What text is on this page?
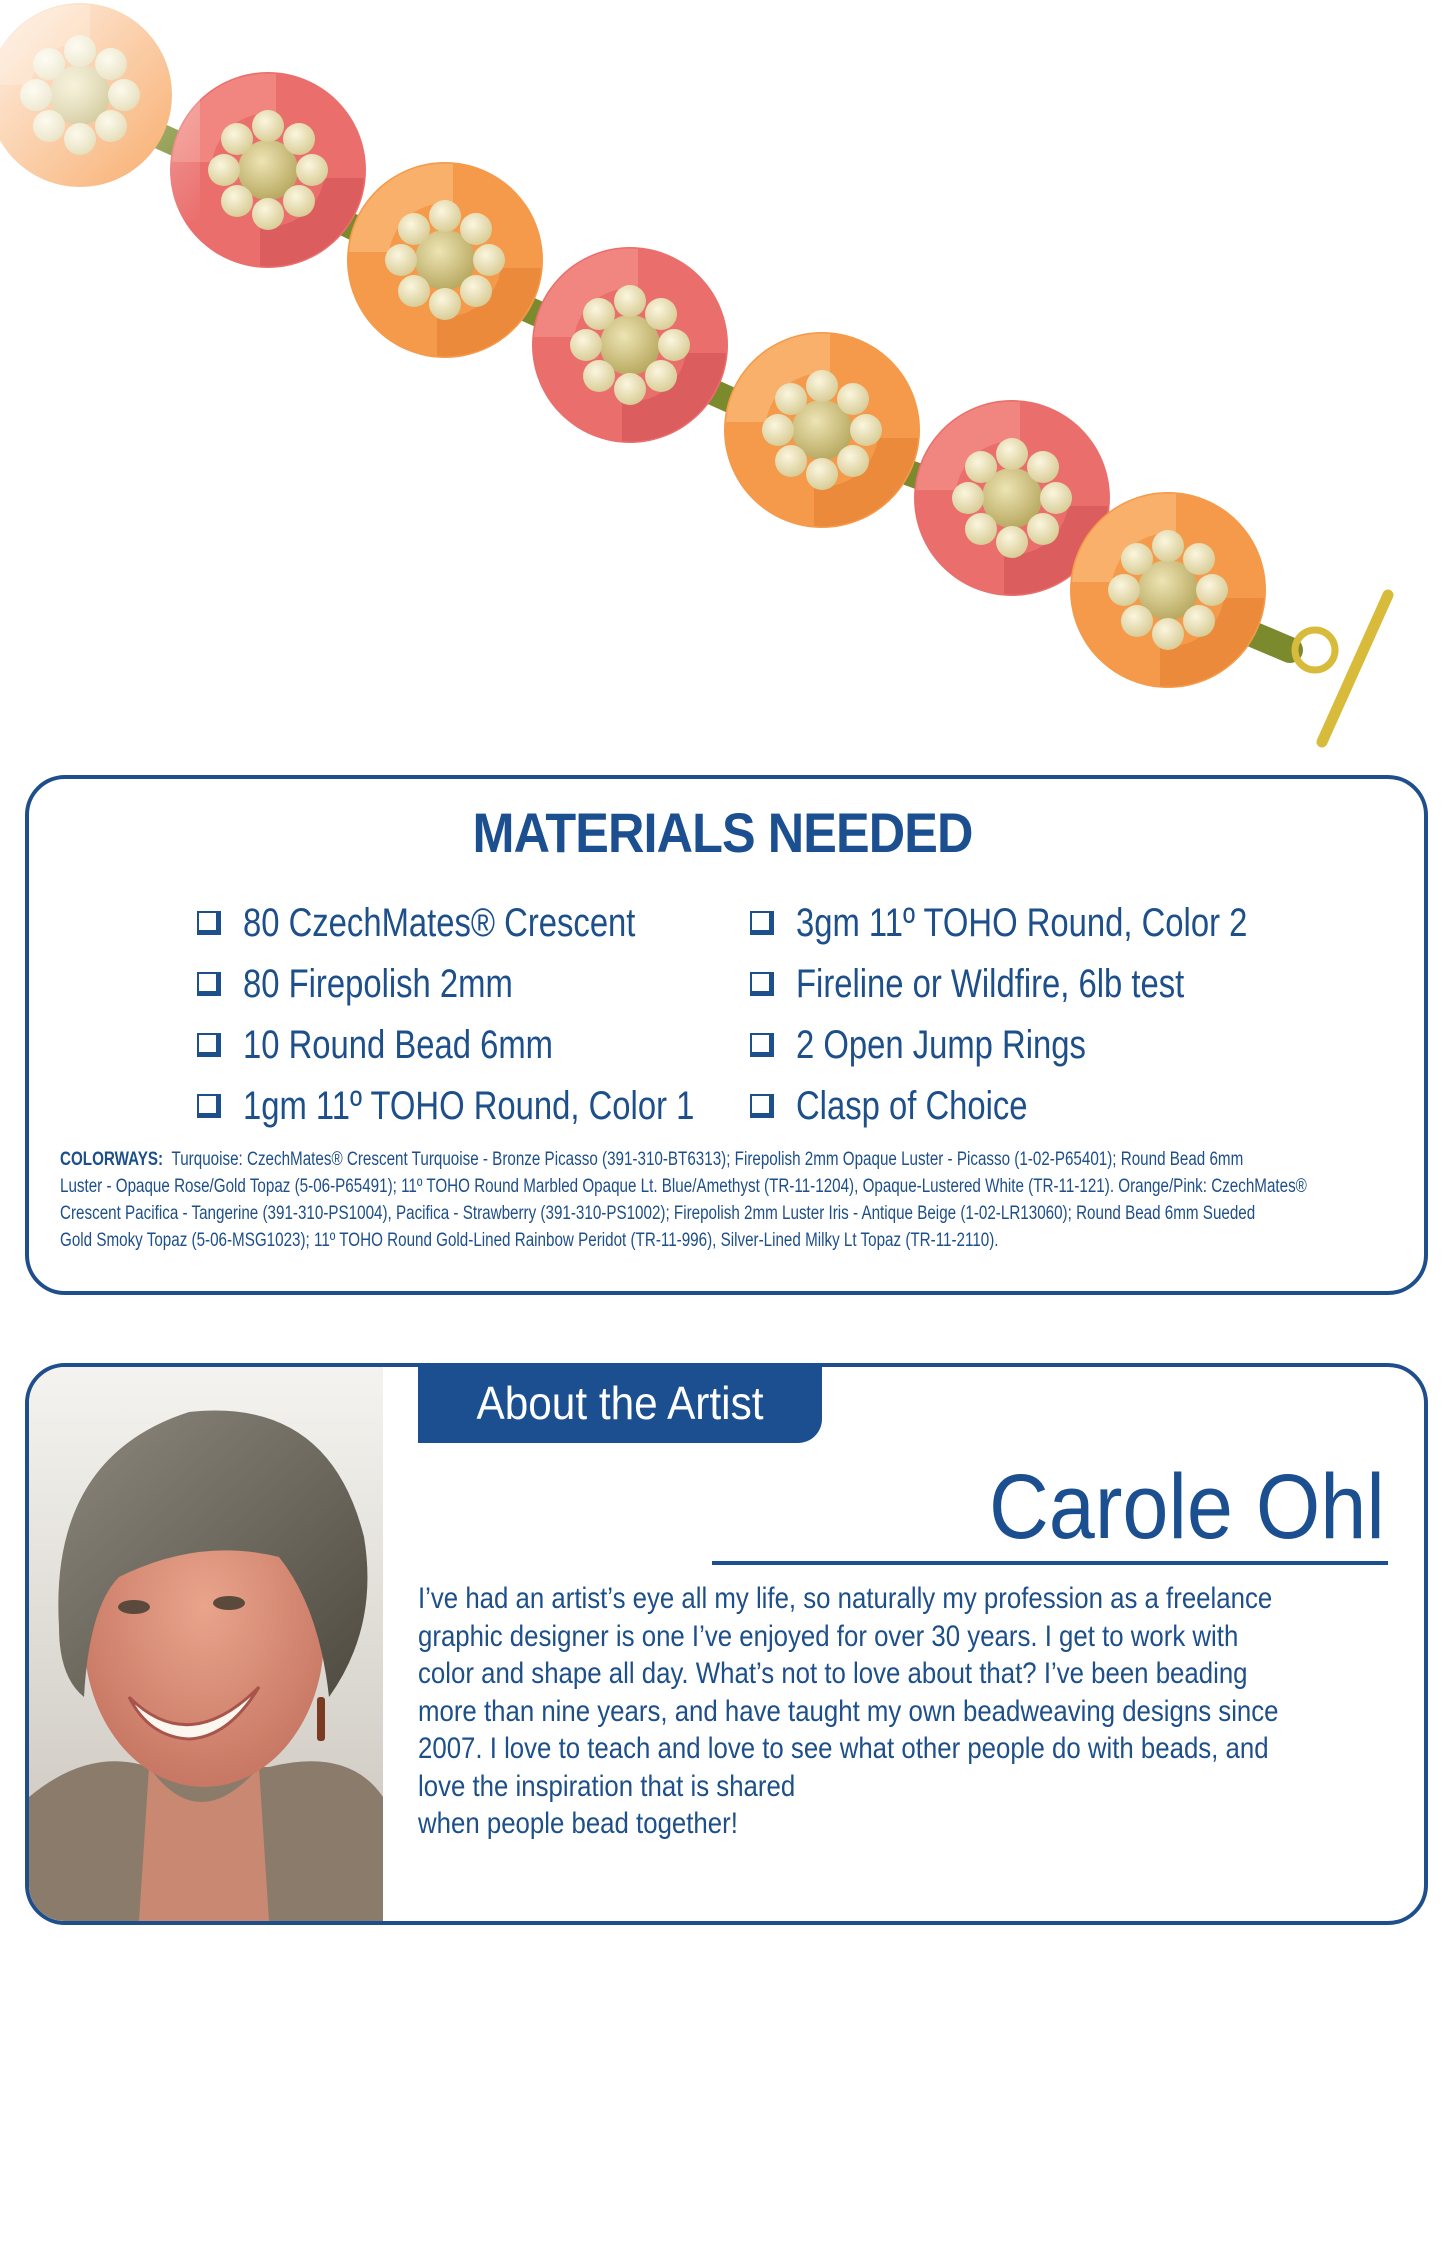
MATERIALS NEEDED
80 CzechMates® Crescent
80 Firepolish 2mm
10 Round Bead 6mm
1gm 11º TOHO Round, Color 1
3gm 11º TOHO Round, Color 2
Fireline or Wildfire, 6lb test
2 Open Jump Rings
Clasp of Choice
COLORWAYS: Turquoise: CzechMates® Crescent Turquoise - Bronze Picasso (391-310-BT6313); Firepolish 2mm Opaque Luster - Picasso (1-02-P65401); Round Bead 6mm
Luster - Opaque Rose/Gold Topaz (5-06-P65491); 11º TOHO Round Marbled Opaque Lt. Blue/Amethyst (TR-11-1204), Opaque-Lustered White (TR-11-121). Orange/Pink: CzechMates®
Crescent Pacifica - Tangerine (391-310-PS1004), Pacifica - Strawberry (391-310-PS1002); Firepolish 2mm Luster Iris - Antique Beige (1-02-LR13060); Round Bead 6mm Sueded
Gold Smoky Topaz (5-06-MSG1023); 11º TOHO Round Gold-Lined Rainbow Peridot (TR-11-996), Silver-Lined Milky Lt Topaz (TR-11-2110).
About the Artist
Carole Ohl
I’ve had an artist’s eye all my life, so naturally my profession as a freelance
graphic designer is one I’ve enjoyed for over 30 years. I get to work with
color and shape all day. What’s not to love about that? I’ve been beading
more than nine years, and have taught my own beadweaving designs since
2007. I love to teach and love to see what other people do with beads, and
love the inspiration that is shared
when people bead together!
